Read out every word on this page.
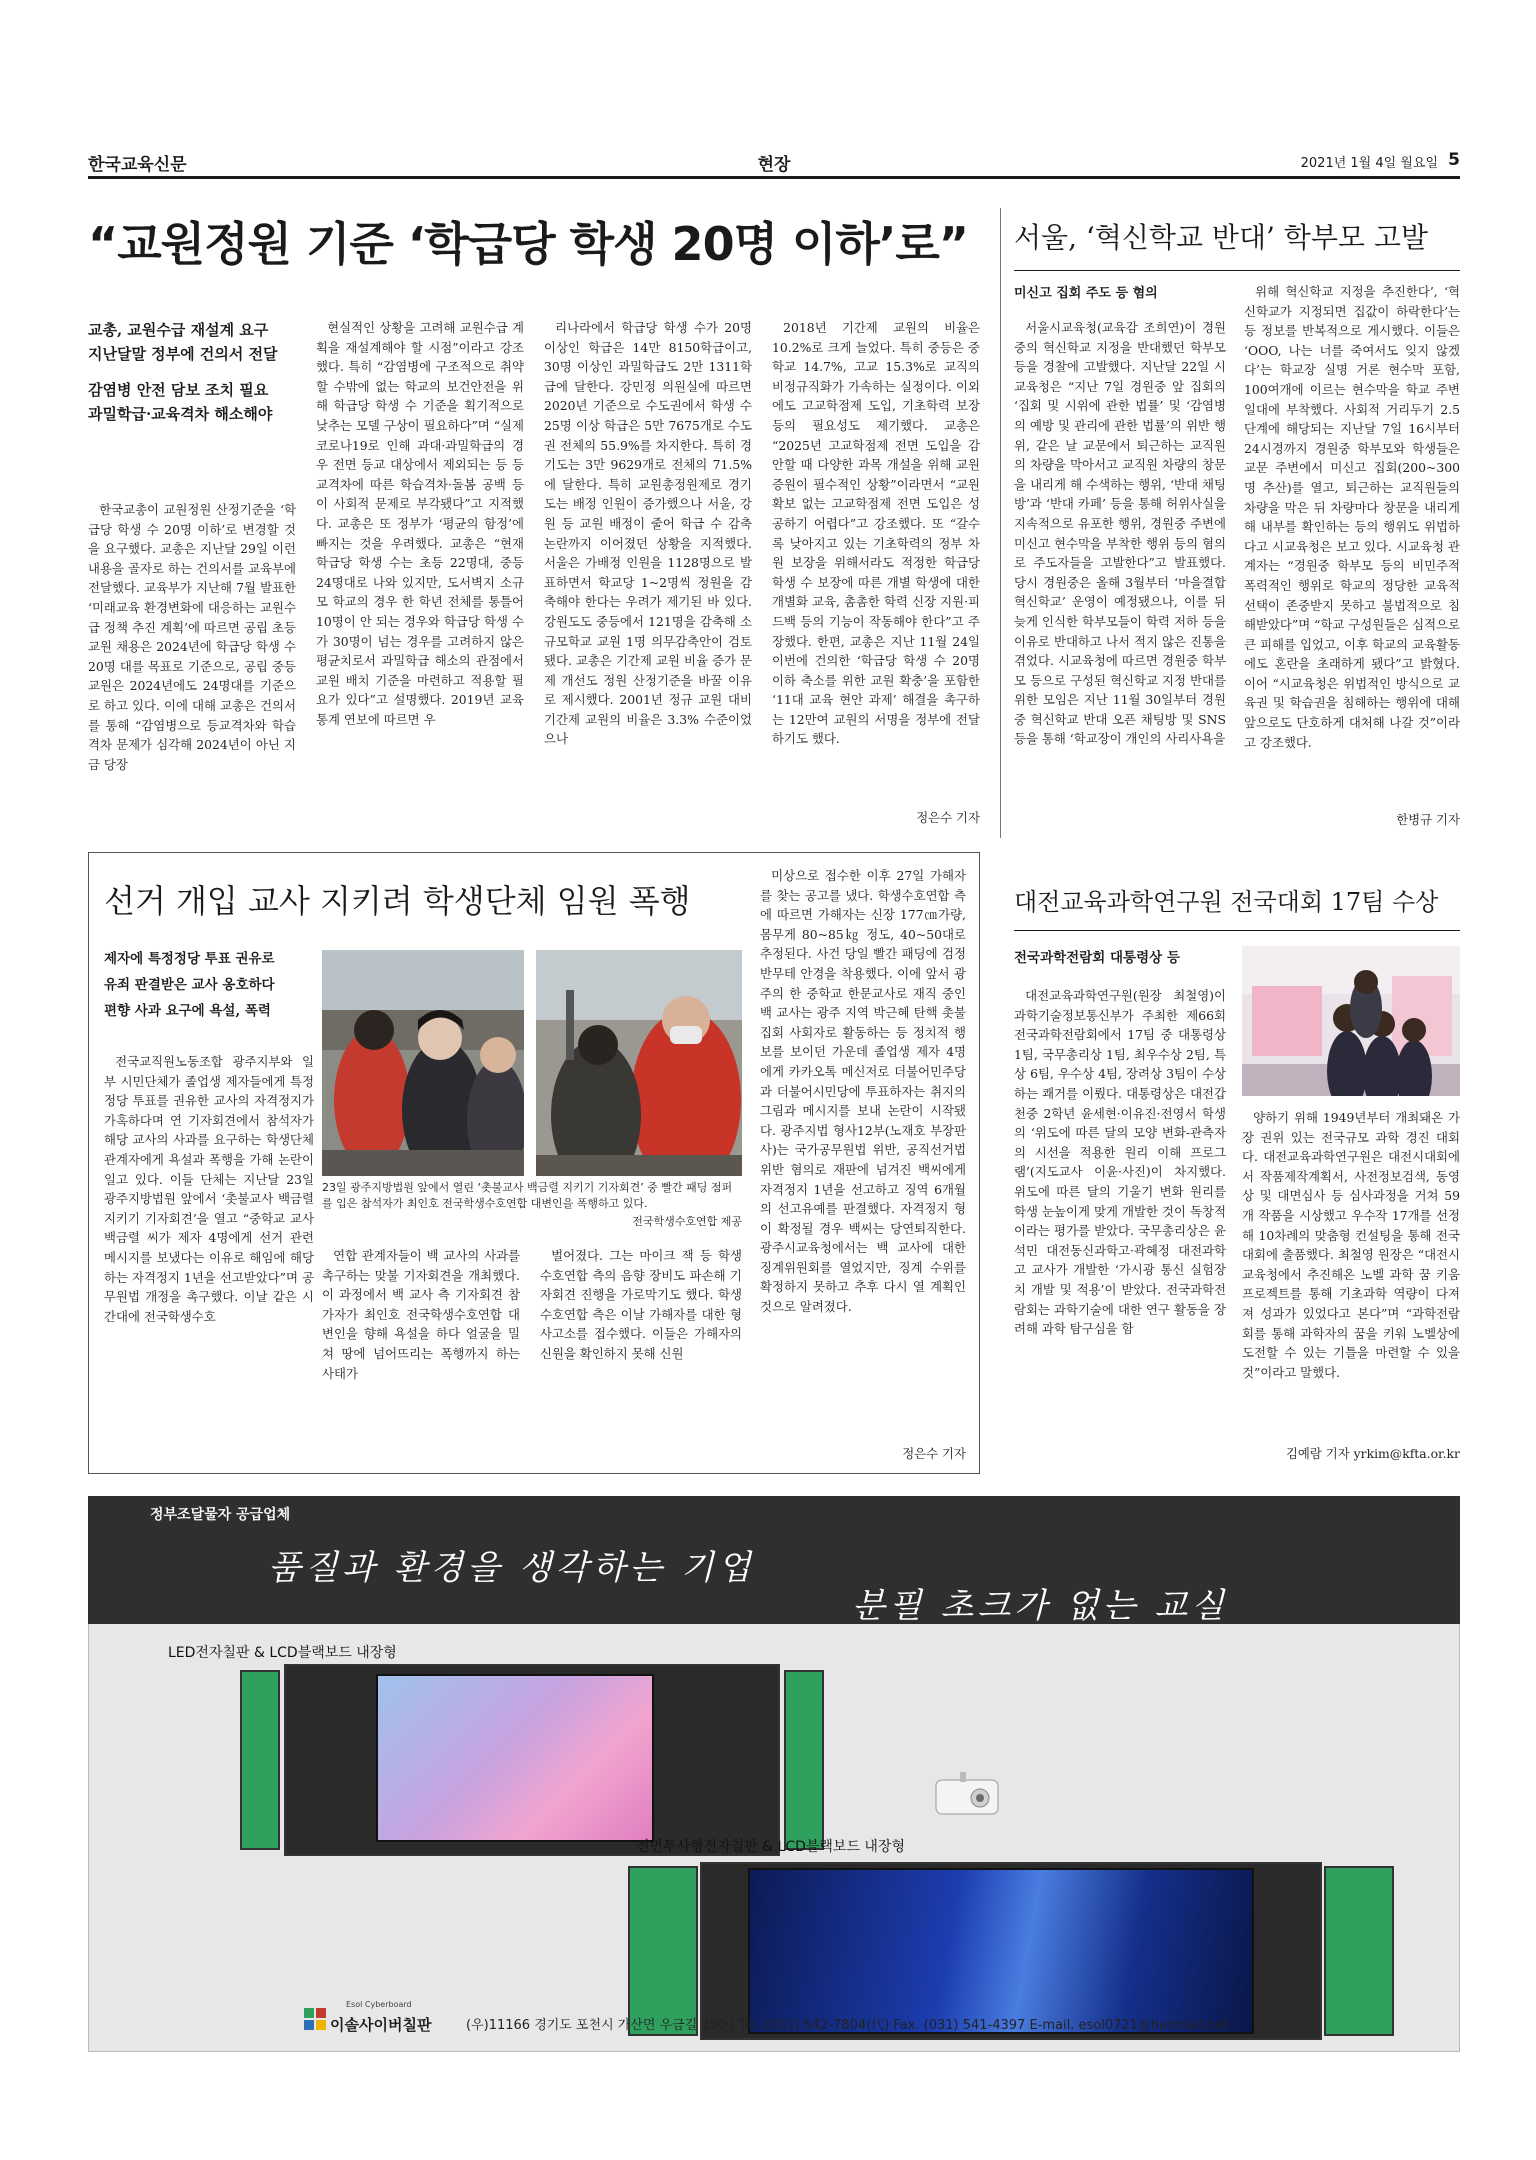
한국교육신문	현장	2021년 1월 4일 월요일 5
“교원정원 기준 ‘학급당 학생 20명 이하’로”
교총, 교원수급 재설계 요구
지난달말 정부에 건의서 전달
감염병 안전 담보 조치 필요
과밀학급·교육격차 해소해야

한국교총이 교원정원 산정기준을 ‘학급당 학생 수 20명 이하’로 변경할 것을 요구했다. 교총은 지난달 29일 이런 내용을 골자로 하는 건의서를 교육부에 전달했다. 교육부가 지난해 7월 발표한 ‘미래교육 환경변화에 대응하는 교원수급 정책 추진 계획’에 따르면 공립 초등 교원 채용은 2024년에 학급당 학생 수 20명 대를 목표로 기준으로, 공립 중등 교원은 2024년에도 24명대를 기준으로 하고 있다. 이에 대해 교총은 건의서를 통해 “감염병으로 등교격차와 학습격차 문제가 심각해 2024년이 아닌 지금 당장

현실적인 상황을 고려해 교원수급 계획을 재설계해야 할 시점”이라고 강조했다. 특히 “감염병에 구조적으로 취약할 수밖에 없는 학교의 보건안전을 위해 학급당 학생 수 기준을 획기적으로 낮추는 모델 구상이 필요하다”며 “실제 코로나19로 인해 과대·과밀학급의 경우 전면 등교 대상에서 제외되는 등 등교격차에 따른 학습격차·돌봄 공백 등이 사회적 문제로 부각됐다”고 지적했다. 교총은 또 정부가 ‘평균의 함정’에 빠지는 것을 우려했다. 교총은 “현재 학급당 학생 수는 초등 22명대, 중등 24명대로 나와 있지만, 도서벽지 소규모 학교의 경우 한 학년 전체를 통틀어 10명이 안 되는 경우와 학급당 학생 수가 30명이 넘는 경우를 고려하지 않은 평균치로서 과밀학급 해소의 관점에서 교원 배치 기준을 마련하고 적용할 필요가 있다”고 설명했다. 2019년 교육통계 연보에 따르면 우

리나라에서 학급당 학생 수가 20명 이상인 학급은 14만 8150학급이고, 30명 이상인 과밀학급도 2만 1311학급에 달한다. 강민정 의원실에 따르면 2020년 기준으로 수도권에서 학생 수 25명 이상 학급은 5만 7675개로 수도권 전체의 55.9%를 차지한다. 특히 경기도는 3만 9629개로 전체의 71.5%에 달한다. 특히 교원총정원제로 경기도는 배정 인원이 증가했으나 서울, 강원 등 교원 배정이 줄어 학급 수 감축 논란까지 이어졌던 상황을 지적했다. 서울은 가배정 인원을 1128명으로 발표하면서 학교당 1~2명씩 정원을 감축해야 한다는 우려가 제기된 바 있다. 강원도도 중등에서 121명을 감축해 소규모학교 교원 1명 의무감축안이 검토됐다. 교총은 기간제 교원 비율 증가 문제 개선도 정원 산정기준을 바꿀 이유로 제시했다. 2001년 정규 교원 대비 기간제 교원의 비율은 3.3% 수준이었으나

2018년 기간제 교원의 비율은 10.2%로 크게 늘었다. 특히 중등은 중학교 14.7%, 고교 15.3%로 교직의 비정규직화가 가속하는 실정이다. 이외에도 고교학점제 도입, 기초학력 보장 등의 필요성도 제기했다. 교총은 “2025년 고교학점제 전면 도입을 감안할 때 다양한 과목 개설을 위해 교원증원이 필수적인 상황”이라면서 “교원 확보 없는 고교학점제 전면 도입은 성공하기 어렵다”고 강조했다. 또 “갈수록 낮아지고 있는 기초학력의 정부 차원 보장을 위해서라도 적정한 학급당 학생 수 보장에 따른 개별 학생에 대한 개별화 교육, 촘촘한 학력 신장 지원·피드백 등의 기능이 작동해야 한다”고 주장했다. 한편, 교총은 지난 11월 24일 이번에 건의한 ‘학급당 학생 수 20명 이하 축소를 위한 교원 확충’을 포함한 ‘11대 교육 현안 과제’ 해결을 촉구하는 12만여 교원의 서명을 정부에 전달하기도 했다.

정은수 기자
서울, ‘혁신학교 반대’ 학부모 고발
미신고 집회 주도 등 혐의

서울시교육청(교육감 조희연)이 경원중의 혁신학교 지정을 반대했던 학부모 등을 경찰에 고발했다. 지난달 22일 시교육청은 “지난 7일 경원중 앞 집회의 ‘집회 및 시위에 관한 법률’ 및 ‘감염병의 예방 및 관리에 관한 법률’의 위반 행위, 같은 날 교문에서 퇴근하는 교직원의 차량을 막아서고 교직원 차량의 창문을 내리게 해 수색하는 행위, ‘반대 채팅방’과 ‘반대 카페’ 등을 통해 허위사실을 지속적으로 유포한 행위, 경원중 주변에 미신고 현수막을 부착한 행위 등의 혐의로 주도자들을 고발한다”고 발표했다. 당시 경원중은 올해 3월부터 ‘마을결합혁신학교’ 운영이 예정됐으나, 이를 뒤늦게 인식한 학부모들이 학력 저하 등을 이유로 반대하고 나서 적지 않은 진통을 겪었다. 시교육청에 따르면 경원중 학부모 등으로 구성된 혁신학교 지정 반대를 위한 모임은 지난 11월 30일부터 경원중 혁신학교 반대 오픈 채팅방 및 SNS 등을 통해 ‘학교장이 개인의 사리사욕을

위해 혁신학교 지정을 추진한다’, ‘혁신학교가 지정되면 집값이 하락한다’는 등 정보를 반복적으로 게시했다. 이들은 ‘OOO, 나는 너를 죽여서도 잊지 않겠다’는 학교장 실명 거론 현수막 포함, 100여개에 이르는 현수막을 학교 주변 일대에 부착했다. 사회적 거리두기 2.5단계에 해당되는 지난달 7일 16시부터 24시경까지 경원중 학부모와 학생들은 교문 주변에서 미신고 집회(200~300명 추산)를 열고, 퇴근하는 교직원들의 차량을 막은 뒤 차량마다 창문을 내리게 해 내부를 확인하는 등의 행위도 위법하다고 시교육청은 보고 있다. 시교육청 관계자는 “경원중 학부모 등의 비민주적 폭력적인 행위로 학교의 정당한 교육적 선택이 존중받지 못하고 불법적으로 침해받았다”며 “학교 구성원들은 심적으로 큰 피해를 입었고, 이후 학교의 교육활동에도 혼란을 초래하게 됐다”고 밝혔다. 이어 “시교육청은 위법적인 방식으로 교육권 및 학습권을 침해하는 행위에 대해 앞으로도 단호하게 대처해 나갈 것”이라고 강조했다.

한병규 기자
선거 개입 교사 지키려 학생단체 임원 폭행
제자에 특정정당 투표 권유로
유죄 판결받은 교사 옹호하다
편향 사과 요구에 욕설, 폭력

전국교직원노동조합 광주지부와 일부 시민단체가 졸업생 제자들에게 특정 정당 투표를 권유한 교사의 자격정지가 가혹하다며 연 기자회견에서 참석자가 해당 교사의 사과를 요구하는 학생단체 관계자에게 욕설과 폭행을 가해 논란이 일고 있다. 이들 단체는 지난달 23일 광주지방법원 앞에서 ‘촛불교사 백금렬 지키기 기자회견’을 열고 “중학교 교사 백금렬 씨가 제자 4명에게 선거 관련 메시지를 보냈다는 이유로 해임에 해당하는 자격정지 1년을 선고받았다”며 공무원법 개정을 촉구했다. 이날 같은 시간대에 전국학생수호

23일 광주지방법원 앞에서 열린 ‘촛불교사 백금렬 지키기 기자회견’ 중 빨간 패딩 점퍼를 입은 참석자가 최인호 전국학생수호연합 대변인을 폭행하고 있다.
전국학생수호연합 제공

연합 관계자들이 백 교사의 사과를 촉구하는 맞불 기자회견을 개최했다. 이 과정에서 백 교사 측 기자회견 참가자가 최인호 전국학생수호연합 대변인을 향해 욕설을 하다 얼굴을 밀쳐 땅에 넘어뜨리는 폭행까지 하는 사태가

벌어졌다. 그는 마이크 잭 등 학생수호연합 측의 음향 장비도 파손해 기자회견 진행을 가로막기도 했다. 학생수호연합 측은 이날 가해자를 대한 형사고소를 접수했다. 이들은 가해자의 신원을 확인하지 못해 신원

미상으로 접수한 이후 27일 가해자를 찾는 공고를 냈다. 학생수호연합 측에 따르면 가해자는 신장 177㎝가량, 몸무게 80~85㎏ 정도, 40~50대로 추정된다. 사건 당일 빨간 패딩에 검정 반무테 안경을 착용했다. 이에 앞서 광주의 한 중학교 한문교사로 재직 중인 백 교사는 광주 지역 박근혜 탄핵 촛불집회 사회자로 활동하는 등 정치적 행보를 보이던 가운데 졸업생 제자 4명에게 카카오톡 메신저로 더불어민주당과 더불어시민당에 투표하자는 취지의 그림과 메시지를 보내 논란이 시작됐다. 광주지법 형사12부(노재호 부장판사)는 국가공무원법 위반, 공직선거법 위반 혐의로 재판에 넘겨진 백씨에게 자격정지 1년을 선고하고 징역 6개월의 선고유예를 판결했다. 자격정지 형이 확정될 경우 백씨는 당연퇴직한다. 광주시교육청에서는 백 교사에 대한 징계위원회를 열었지만, 징계 수위를 확정하지 못하고 추후 다시 열 계획인 것으로 알려졌다.

정은수 기자
대전교육과학연구원 전국대회 17팀 수상
전국과학전람회 대통령상 등

대전교육과학연구원(원장 최철영)이 과학기술정보통신부가 주최한 제66회 전국과학전람회에서 17팀 중 대통령상 1팀, 국무총리상 1팀, 최우수상 2팀, 특상 6팀, 우수상 4팀, 장려상 3팀이 수상하는 쾌거를 이뤘다. 대통령상은 대전갑천중 2학년 윤세현·이유진·전영서 학생의 ‘위도에 따른 달의 모양 변화-관측자의 시선을 적용한 원리 이해 프로그램’(지도교사 이윤·사진)이 차지했다. 위도에 따른 달의 기울기 변화 원리를 학생 눈높이게 맞게 개발한 것이 독창적이라는 평가를 받았다. 국무총리상은 윤석민 대전동신과학고·곽혜정 대전과학고 교사가 개발한 ‘가시광 통신 실험장치 개발 및 적용’이 받았다. 전국과학전람회는 과학기술에 대한 연구 활동을 장려해 과학 탐구심을 함

양하기 위해 1949년부터 개최돼온 가장 권위 있는 전국규모 과학 경진 대회다. 대전교육과학연구원은 대전시대회에서 작품제작계획서, 사전정보검색, 동영상 및 대면심사 등 심사과정을 거쳐 59개 작품을 시상했고 우수작 17개를 선정해 10차례의 맞춤형 컨설팅을 통해 전국대회에 출품했다. 최철영 원장은 “대전시교육청에서 추진해온 노벨 과학 꿈 키움 프로젝트를 통해 기초과학 역량이 다져져 성과가 있었다고 본다”며 “과학전람회를 통해 과학자의 꿈을 키워 노벨상에 도전할 수 있는 기틀을 마련할 수 있을 것”이라고 말했다.

김예람 기자 yrkim@kfta.or.kr
정부조달물자 공급업체
품질과 환경을 생각하는 기업
분필 초크가 없는 교실
LED전자칠판 & LCD블랙보드 내장형
전면투사형전자칠판 & LCD블랙보드 내장형
Esol Cyberboard
이솔사이버칠판	(우)11166 경기도 포천시 가산면 우금길 250 | Tel. (031) 542-7804(代) Fax. (031) 541-4397 E-mail. esol0721@hanmail.net
